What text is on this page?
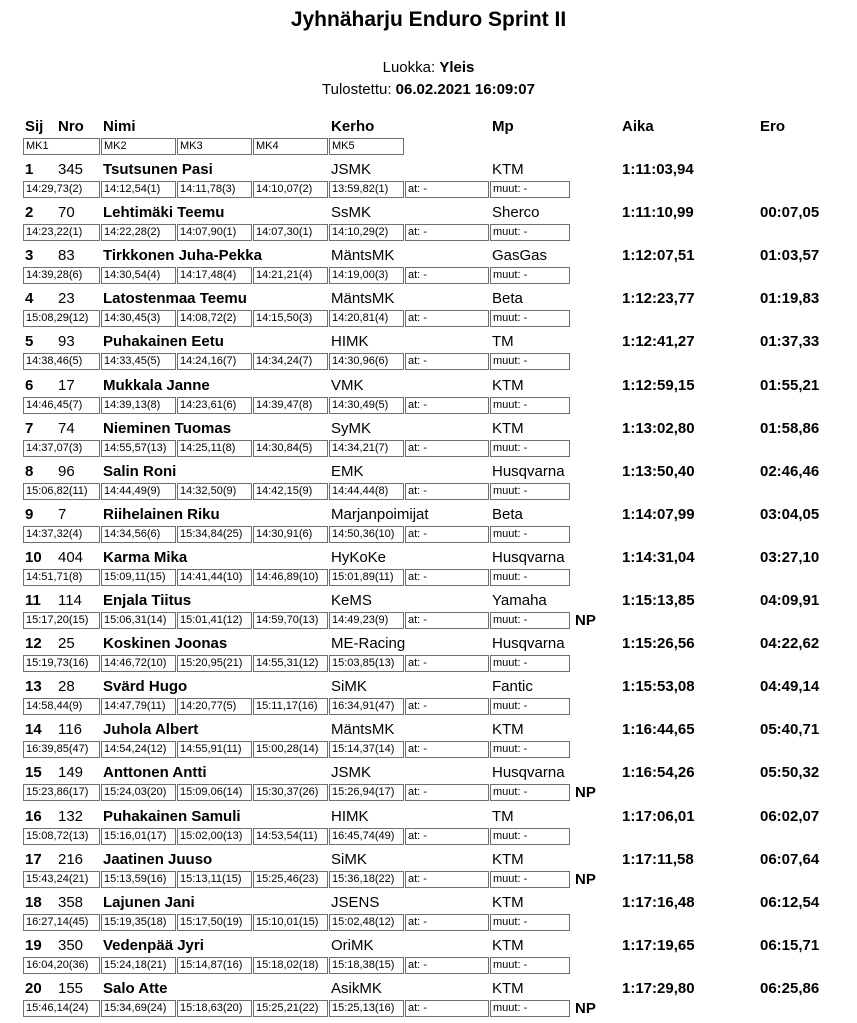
Jyhnäharju Enduro Sprint II
Luokka: Yleis
Tulostettu: 06.02.2021 16:09:07
Sij Nro Nimi	Kerho	Mp	Aika	Ero
MK1	MK2	MK3	MK4	MK5
1 345 Tsutsunen Pasi	JSMK	KTM	1:11:03,94
14:29,73(2)	14:12,54(1)	14:11,78(3)	14:10,07(2)	13:59,82(1)	at: -	muut: -
2 70 Lehtimäki Teemu	SsMK	Sherco	1:11:10,99	00:07,05
14:23,22(1)	14:22,28(2)	14:07,90(1)	14:07,30(1)	14:10,29(2)	at: -	muut: -
3 83 Tirkkonen Juha-Pekka	MäntsMK	GasGas	1:12:07,51	01:03,57
14:39,28(6)	14:30,54(4)	14:17,48(4)	14:21,21(4)	14:19,00(3)	at: -	muut: -
4 23 Latostenmaa Teemu	MäntsMK	Beta	1:12:23,77	01:19,83
15:08,29(12)	14:30,45(3)	14:08,72(2)	14:15,50(3)	14:20,81(4)	at: -	muut: -
5 93 Puhakainen Eetu	HIMK	TM	1:12:41,27	01:37,33
14:38,46(5)	14:33,45(5)	14:24,16(7)	14:34,24(7)	14:30,96(6)	at: -	muut: -
6 17 Mukkala Janne	VMK	KTM	1:12:59,15	01:55,21
14:46,45(7)	14:39,13(8)	14:23,61(6)	14:39,47(8)	14:30,49(5)	at: -	muut: -
7 74 Nieminen Tuomas	SyMK	KTM	1:13:02,80	01:58,86
14:37,07(3)	14:55,57(13)	14:25,11(8)	14:30,84(5)	14:34,21(7)	at: -	muut: -
8 96 Salin Roni	EMK	Husqvarna	1:13:50,40	02:46,46
15:06,82(11)	14:44,49(9)	14:32,50(9)	14:42,15(9)	14:44,44(8)	at: -	muut: -
9 7 Riihelainen Riku	Marjanpoimijat	Beta	1:14:07,99	03:04,05
14:37,32(4)	14:34,56(6)	15:34,84(25)	14:30,91(6)	14:50,36(10)	at: -	muut: -
10 404 Karma Mika	HyKoKe	Husqvarna	1:14:31,04	03:27,10
14:51,71(8)	15:09,11(15)	14:41,44(10)	14:46,89(10)	15:01,89(11)	at: -	muut: -
11 114 Enjala Tiitus	KeMS	Yamaha	1:15:13,85	04:09,91
15:17,20(15)	15:06,31(14)	15:01,41(12)	14:59,70(13)	14:49,23(9)	at: -	muut: -	NP
12 25 Koskinen Joonas	ME-Racing	Husqvarna	1:15:26,56	04:22,62
15:19,73(16)	14:46,72(10)	15:20,95(21)	14:55,31(12)	15:03,85(13)	at: -	muut: -
13 28 Svärd Hugo	SiMK	Fantic	1:15:53,08	04:49,14
14:58,44(9)	14:47,79(11)	14:20,77(5)	15:11,17(16)	16:34,91(47)	at: -	muut: -
14 116 Juhola Albert	MäntsMK	KTM	1:16:44,65	05:40,71
16:39,85(47)	14:54,24(12)	14:55,91(11)	15:00,28(14)	15:14,37(14)	at: -	muut: -
15 149 Anttonen Antti	JSMK	Husqvarna	1:16:54,26	05:50,32
15:23,86(17)	15:24,03(20)	15:09,06(14)	15:30,37(26)	15:26,94(17)	at: -	muut: -	NP
16 132 Puhakainen Samuli	HIMK	TM	1:17:06,01	06:02,07
15:08,72(13)	15:16,01(17)	15:02,00(13)	14:53,54(11)	16:45,74(49)	at: -	muut: -
17 216 Jaatinen Juuso	SiMK	KTM	1:17:11,58	06:07,64
15:43,24(21)	15:13,59(16)	15:13,11(15)	15:25,46(23)	15:36,18(22)	at: -	muut: -	NP
18 358 Lajunen Jani	JSENS	KTM	1:17:16,48	06:12,54
16:27,14(45)	15:19,35(18)	15:17,50(19)	15:10,01(15)	15:02,48(12)	at: -	muut: -
19 350 Vedenpää Jyri	OriMK	KTM	1:17:19,65	06:15,71
16:04,20(36)	15:24,18(21)	15:14,87(16)	15:18,02(18)	15:18,38(15)	at: -	muut: -
20 155 Salo Atte	AsikMK	KTM	1:17:29,80	06:25,86
15:46,14(24)	15:34,69(24)	15:18,63(20)	15:25,21(22)	15:25,13(16)	at: -	muut: -	NP
